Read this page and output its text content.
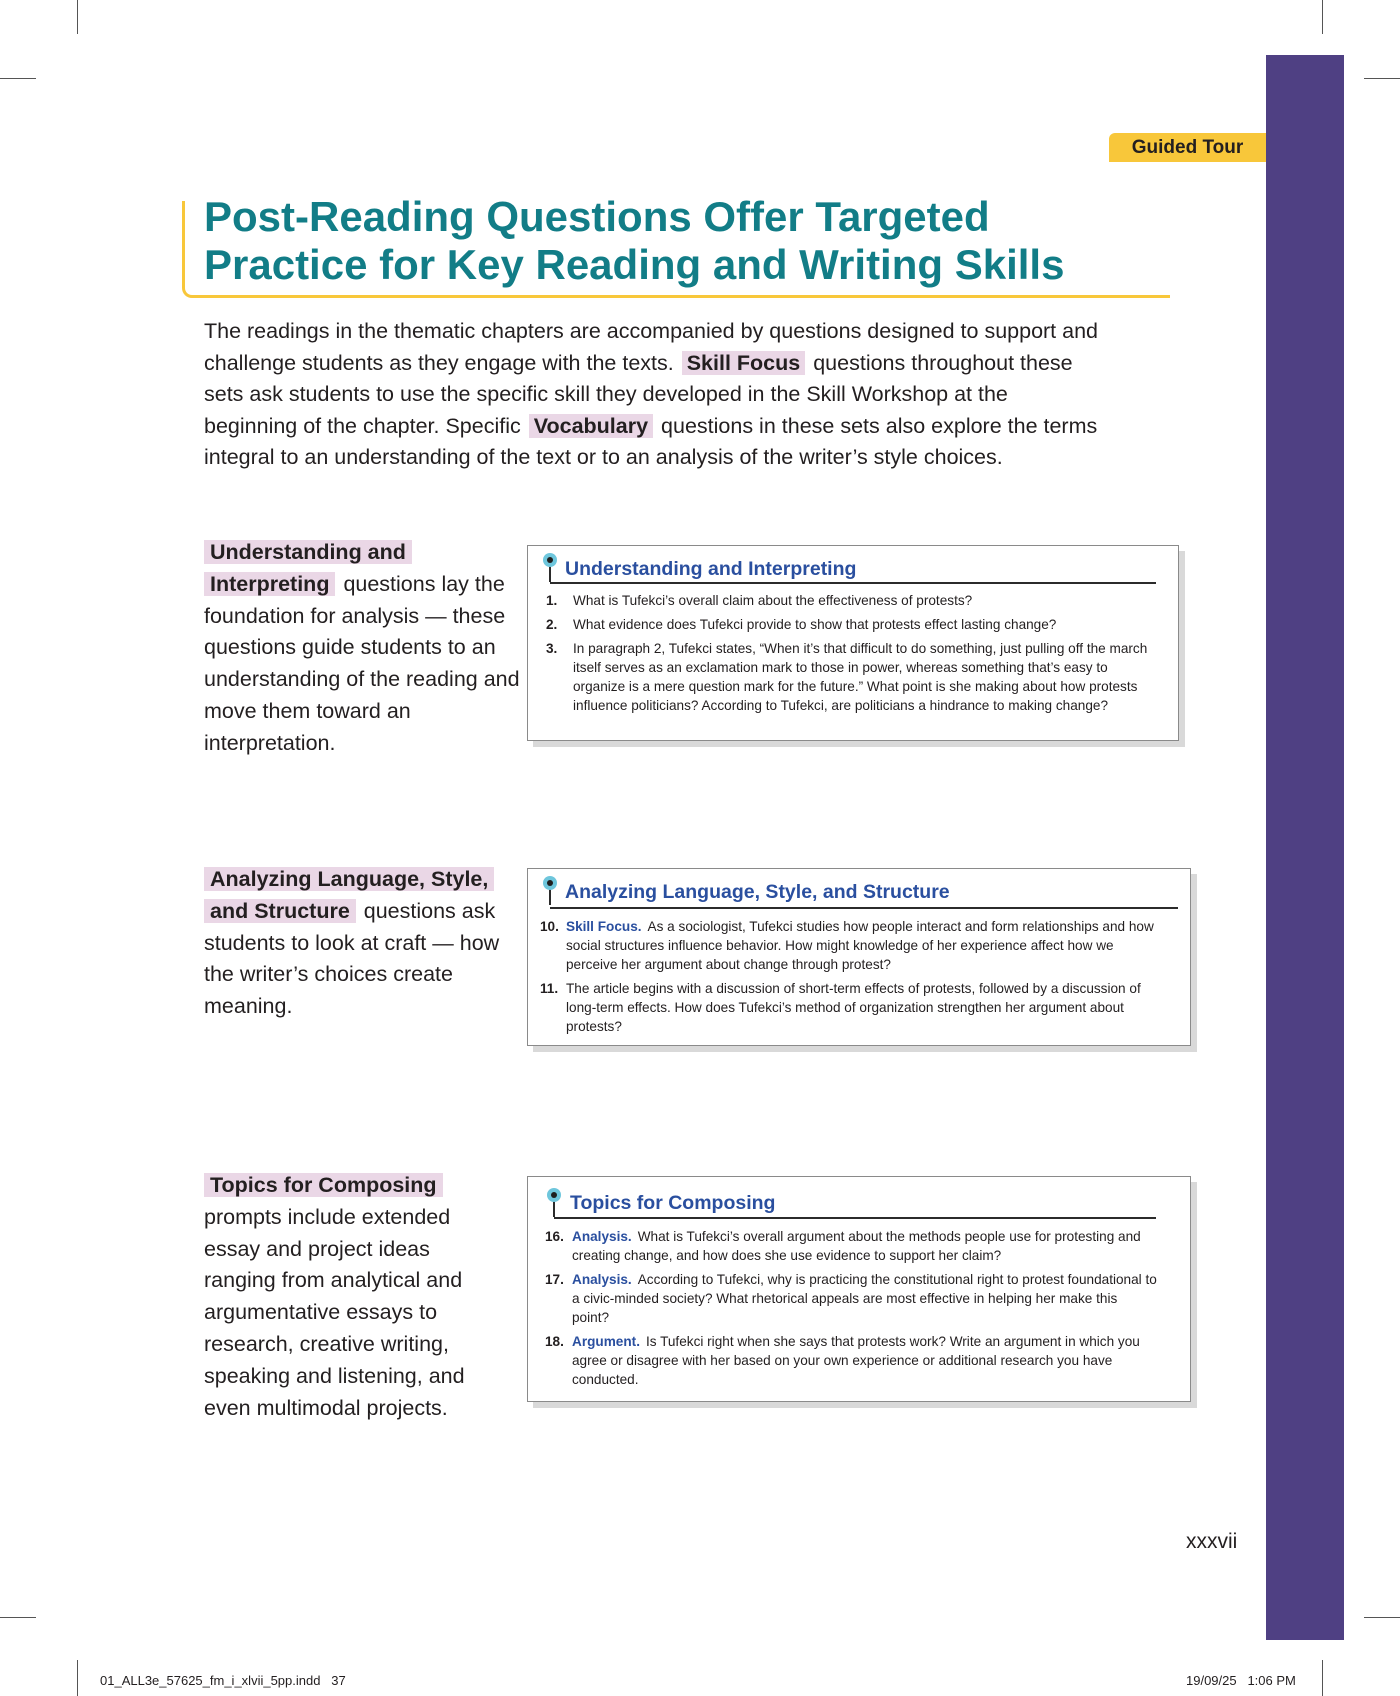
Guided Tour
Post-Reading Questions Offer Targeted
Practice for Key Reading and Writing Skills

The readings in the thematic chapters are accompanied by questions designed to support and challenge students as they engage with the texts. Skill Focus questions throughout these sets ask students to use the specific skill they developed in the Skill Workshop at the beginning of the chapter. Specific Vocabulary questions in these sets also explore the terms integral to an understanding of the text or to an analysis of the writer’s style choices.

Understanding and
Interpreting questions lay the foundation for analysis — these questions guide students to an understanding of the reading and move them toward an interpretation.

Understanding and Interpreting
1. What is Tufekci’s overall claim about the effectiveness of protests?
2. What evidence does Tufekci provide to show that protests effect lasting change?
3. In paragraph 2, Tufekci states, “When it’s that difficult to do something, just pulling off the march itself serves as an exclamation mark to those in power, whereas something that’s easy to organize is a mere question mark for the future.” What point is she making about how protests influence politicians? According to Tufekci, are politicians a hindrance to making change?

Analyzing Language, Style,
and Structure questions ask students to look at craft — how the writer’s choices create meaning.

Analyzing Language, Style, and Structure
10. Skill Focus. As a sociologist, Tufekci studies how people interact and form relationships and how social structures influence behavior. How might knowledge of her experience affect how we perceive her argument about change through protest?
11. The article begins with a discussion of short-term effects of protests, followed by a discussion of long-term effects. How does Tufekci’s method of organization strengthen her argument about protests?

Topics for Composing
prompts include extended essay and project ideas ranging from analytical and argumentative essays to research, creative writing, speaking and listening, and even multimodal projects.

Topics for Composing
16. Analysis. What is Tufekci’s overall argument about the methods people use for protesting and creating change, and how does she use evidence to support her claim?
17. Analysis. According to Tufekci, why is practicing the constitutional right to protest foundational to a civic-minded society? What rhetorical appeals are most effective in helping her make this point?
18. Argument. Is Tufekci right when she says that protests work? Write an argument in which you agree or disagree with her based on your own experience or additional research you have conducted.
xxxvii
01_ALL3e_57625_fm_i_xlvii_5pp.indd   37	19/09/25   1:06 PM
